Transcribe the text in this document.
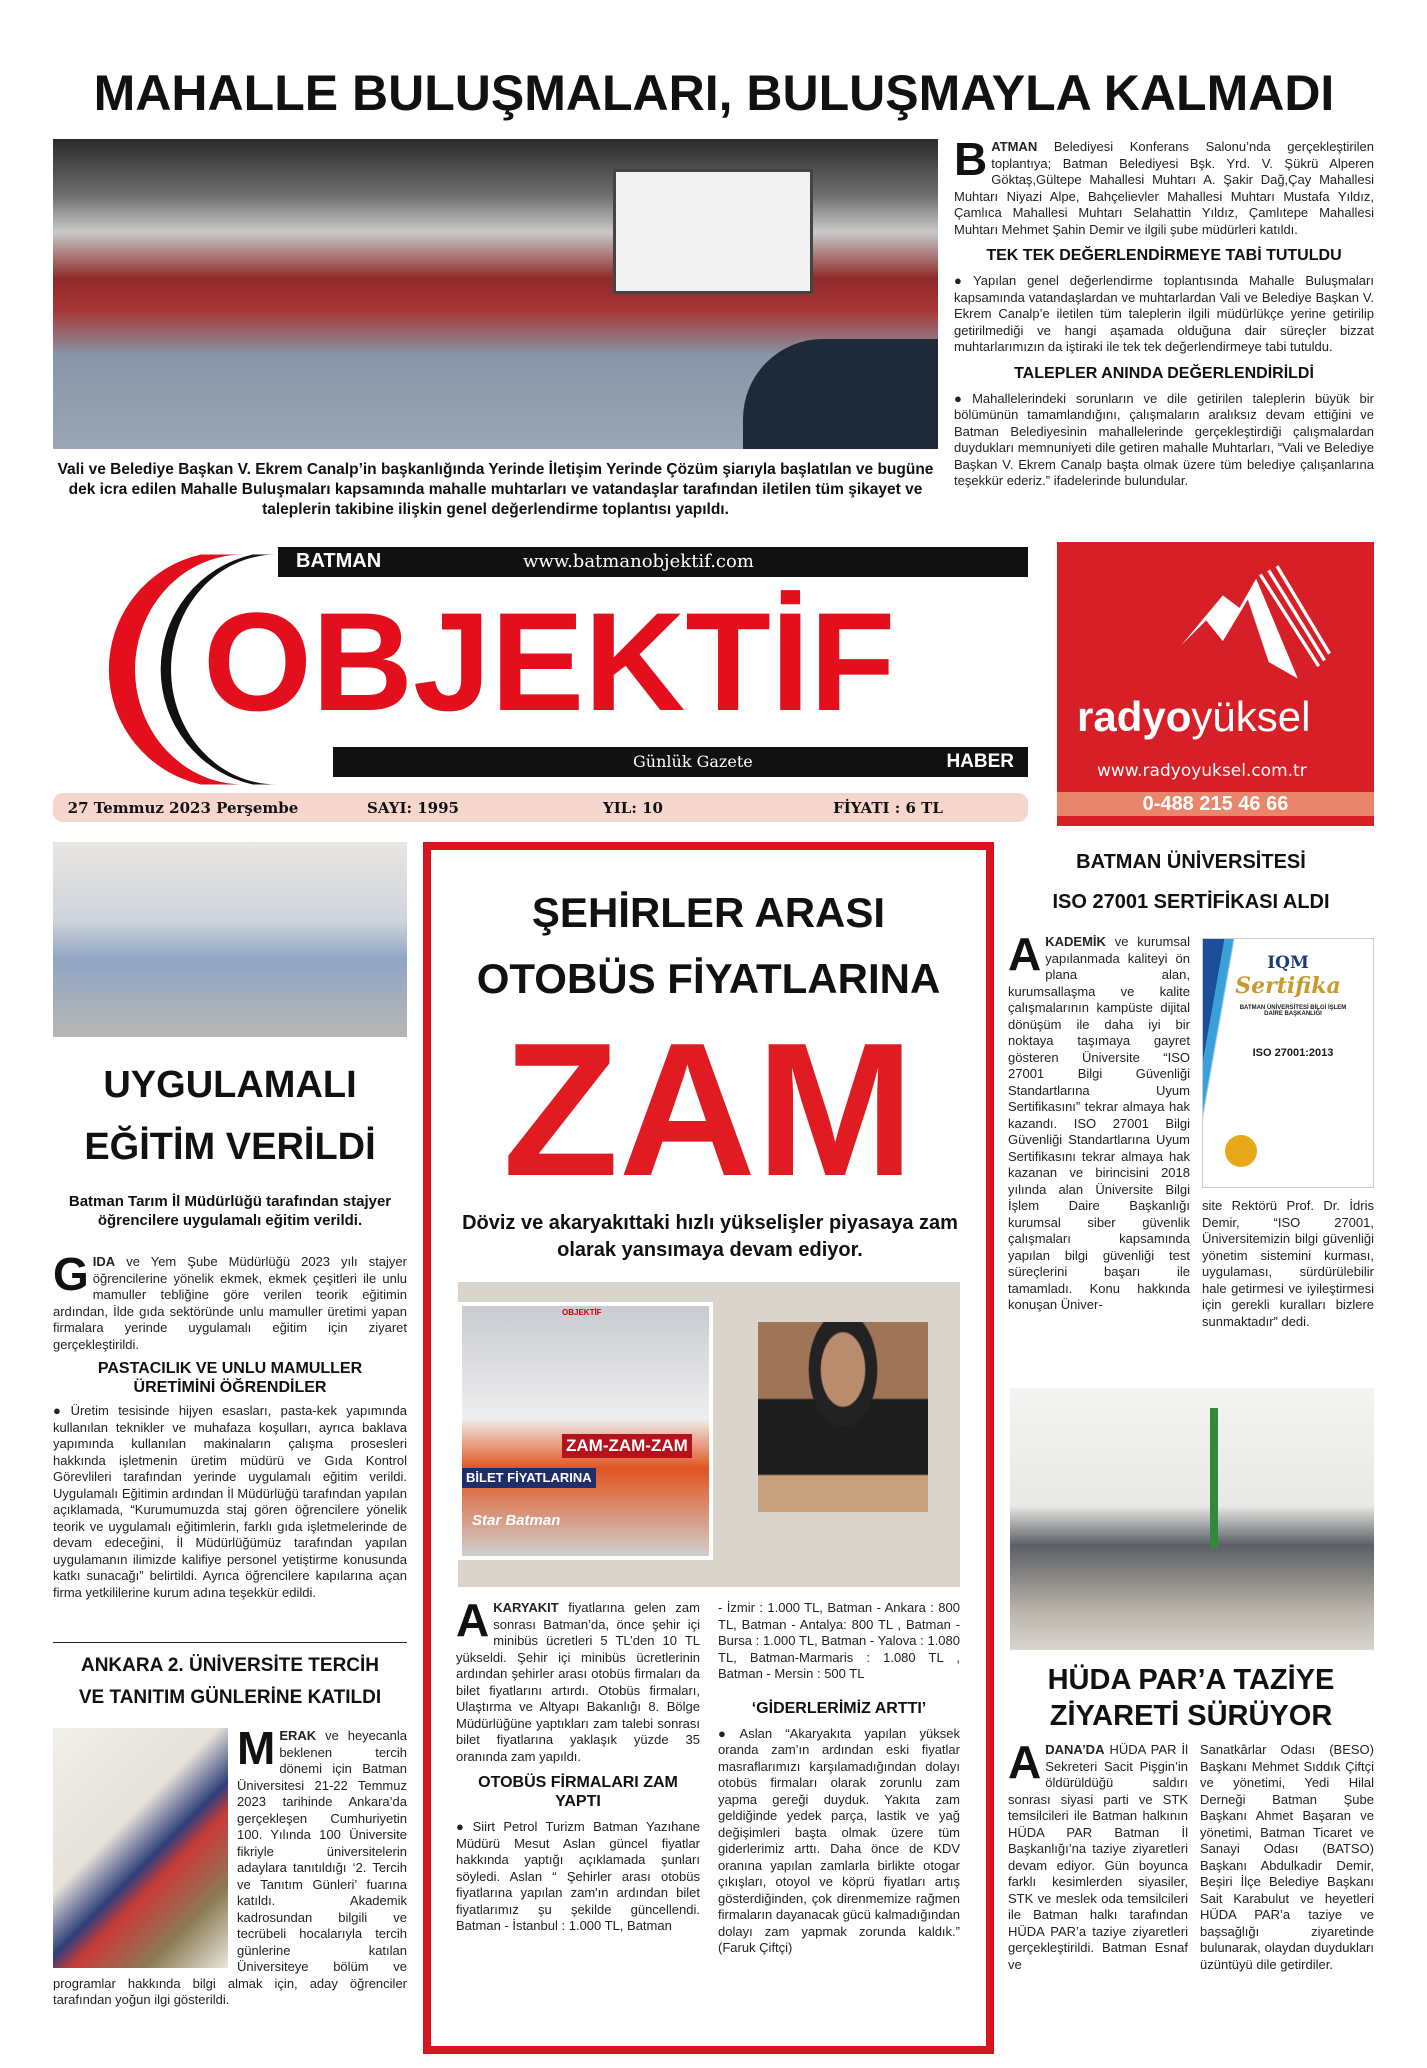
MAHALLE BULUŞMALARI, BULUŞMAYLA KALMADI

BATMAN Belediyesi Konferans Salonu’nda gerçekleştirilen toplantıya; Batman Belediyesi Bşk. Yrd. V. Şükrü Alperen Göktaş,Gültepe Mahallesi Muhtarı A. Şakir Dağ,Çay Mahallesi Muhtarı Niyazi Alpe, Bahçelievler Mahallesi Muhtarı Mustafa Yıldız, Çamlıca Mahallesi Muhtarı Selahattin Yıldız, Çamlıtepe Mahallesi Muhtarı Mehmet Şahin Demir ve ilgili şube müdürleri katıldı.

TEK TEK DEĞERLENDİRMEYE TABİ TUTULDU

● Yapılan genel değerlendirme toplantısında Mahalle Buluşmaları kapsamında vatandaşlardan ve muhtarlardan Vali ve Belediye Başkan V. Ekrem Canalp’e iletilen tüm taleplerin ilgili müdürlükçe yerine getirilip getirilmediği ve hangi aşamada olduğuna dair süreçler bizzat muhtarlarımızın da iştiraki ile tek tek değerlendirmeye tabi tutuldu.

TALEPLER ANINDA DEĞERLENDİRİLDİ

● Mahallelerindeki sorunların ve dile getirilen taleplerin büyük bir bölümünün tamamlandığını, çalışmaların aralıksız devam ettiğini ve Batman Belediyesinin mahallelerinde gerçekleştirdiği çalışmalardan duydukları memnuniyeti dile getiren mahalle Muhtarları, “Vali ve Belediye Başkan V. Ekrem Canalp başta olmak üzere tüm belediye çalışanlarına teşekkür ederiz.” ifadelerinde bulundular.

Vali ve Belediye Başkan V. Ekrem Canalp’in başkanlığında Yerinde İletişim Yerinde Çözüm şiarıyla başlatılan ve bugüne dek icra edilen Mahalle Buluşmaları kapsamında mahalle muhtarları ve vatandaşlar tarafından iletilen tüm şikayet ve taleplerin takibine ilişkin genel değerlendirme toplantısı yapıldı.
BATMAN	www.batmanobjektif.com
OBJEKTİF
Günlük Gazete	HABER
27 Temmuz 2023 Perşembe	SAYI: 1995	YIL: 10	FİYATI : 6 TL
radyoyüksel
www.radyoyuksel.com.tr
0-488 215 46 66
UYGULAMALI
EĞİTİM VERİLDİ
Batman Tarım İl Müdürlüğü tarafından stajyer öğrencilere uygulamalı eğitim verildi.

GIDA ve Yem Şube Müdürlüğü 2023 yılı stajyer öğrencilerine yönelik ekmek, ekmek çeşitleri ile unlu mamuller tebliğine göre verilen teorik eğitimin ardından, İlde gıda sektöründe unlu mamuller üretimi yapan firmalara yerinde uygulamalı eğitim için ziyaret gerçekleştirildi.

PASTACILIK VE UNLU MAMULLER ÜRETİMİNİ ÖĞRENDİLER

● Üretim tesisinde hijyen esasları, pasta-kek yapımında kullanılan teknikler ve muhafaza koşulları, ayrıca baklava yapımında kullanılan makinaların çalışma prosesleri hakkında işletmenin üretim müdürü ve Gıda Kontrol Görevlileri tarafından yerinde uygulamalı eğitim verildi. Uygulamalı Eğitimin ardından İl Müdürlüğü tarafından yapılan açıklamada, “Kurumumuzda staj gören öğrencilere yönelik teorik ve uygulamalı eğitimlerin, farklı gıda işletmelerinde de devam edeceğini, İl Müdürlüğümüz tarafından yapılan uygulamanın ilimizde kalifiye personel yetiştirme konusunda katkı sunacağı” belirtildi. Ayrıca öğrencilere kapılarına açan firma yetkililerine kurum adına teşekkür edildi.

ANKARA 2. ÜNİVERSİTE TERCİH
VE TANITIM GÜNLERİNE KATILDI

MERAK ve heyecanla beklenen tercih dönemi için Batman Üniversitesi 21-22 Temmuz 2023 tarihinde Ankara’da gerçekleşen Cumhuriyetin 100. Yılında 100 Üniversite fikriyle üniversitelerin adaylara tanıtıldığı ‘2. Tercih ve Tanıtım Günleri’ fuarına katıldı. Akademik kadrosundan bilgili ve tecrübeli hocalarıyla tercih günlerine katılan Üniversiteye bölüm ve programlar hakkında bilgi almak için, aday öğrenciler tarafından yoğun ilgi gösterildi.

ŞEHİRLER ARASI
OTOBÜS FİYATLARINA
ZAM
Döviz ve akaryakıttaki hızlı yükselişler piyasaya zam olarak yansımaya devam ediyor.
OBJEKTİF
ZAM-ZAM-ZAM
BİLET FİYATLARINA
Star Batman

AKARYAKIT fiyatlarına gelen zam sonrası Batman’da, önce şehir içi minibüs ücretleri 5 TL’den 10 TL yükseldi. Şehir içi minibüs ücretlerinin ardından şehirler arası otobüs firmaları da bilet fiyatlarını artırdı. Otobüs firmaları, Ulaştırma ve Altyapı Bakanlığı 8. Bölge Müdürlüğüne yaptıkları zam talebi sonrası bilet fiyatlarına yaklaşık yüzde 35 oranında zam yapıldı.

OTOBÜS FİRMALARI ZAM YAPTI

● Siirt Petrol Turizm Batman Yazıhane Müdürü Mesut Aslan güncel fiyatlar hakkında yaptığı açıklamada şunları söyledi. Aslan “ Şehirler arası otobüs fiyatlarına yapılan zam'ın ardından bilet fiyatlarımız şu şekilde güncellendi. Batman - İstanbul : 1.000 TL, Batman

- İzmir : 1.000 TL, Batman - Ankara : 800 TL, Batman - Antalya: 800 TL , Batman - Bursa : 1.000 TL, Batman - Yalova : 1.080 TL, Batman-Marmaris : 1.080 TL , Batman - Mersin : 500 TL

‘GİDERLERİMİZ ARTTI’

● Aslan “Akaryakıta yapılan yüksek oranda zam’ın ardından eski fiyatlar masraflarımızı karşılamadığından dolayı otobüs firmaları olarak zorunlu zam yapma gereği duyduk. Yakıta zam geldiğinde yedek parça, lastik ve yağ değişimleri başta olmak üzere tüm giderlerimiz arttı. Daha önce de KDV oranına yapılan zamlarla birlikte otogar çıkışları, otoyol ve köprü fiyatları artış gösterdiğinden, çok direnmemize rağmen firmaların dayanacak gücü kalmadığından dolayı zam yapmak zorunda kaldık.” (Faruk Çiftçi)

BATMAN ÜNİVERSİTESİ
ISO 27001 SERTİFİKASI ALDI

AKADEMİK ve kurumsal yapılanmada kaliteyi ön plana alan, kurumsallaşma ve kalite çalışmalarının kampüste dijital dönüşüm ile daha iyi bir noktaya taşımaya gayret gösteren Üniversite “ISO 27001 Bilgi Güvenliği Standartlarına Uyum Sertifikasını” tekrar almaya hak kazandı. ISO 27001 Bilgi Güvenliği Standartlarına Uyum Sertifikasını tekrar almaya hak kazanan ve birincisini 2018 yılında alan Üniversite Bilgi İşlem Daire Başkanlığı kurumsal siber güvenlik çalışmaları kapsamında yapılan bilgi güvenliği test süreçlerini başarı ile tamamladı. Konu hakkında konuşan Üniver-

IQM
Sertifika
BATMAN ÜNİVERSİTESİ BİLGİ İŞLEM DAİRE BAŞKANLIĞI
ISO 27001:2013
site Rektörü Prof. Dr. İdris Demir, “ISO 27001, Üniversitemizin bilgi güvenliği yönetim sistemini kurması, uygulaması, sürdürülebilir hale getirmesi ve iyileştirmesi için gerekli kuralları bizlere sunmaktadır” dedi.
HÜDA PAR’A TAZİYE
ZİYARETİ SÜRÜYOR

ADANA’DA HÜDA PAR İl Sekreteri Sacit Pişgin’in öldürüldüğü saldırı sonrası siyasi parti ve STK temsilcileri ile Batman halkının HÜDA PAR Batman İl Başkanlığı’na taziye ziyaretleri devam ediyor. Gün boyunca farklı kesimlerden siyasiler, STK ve meslek oda temsilcileri ile Batman halkı tarafından HÜDA PAR’a taziye ziyaretleri gerçekleştirildi. Batman Esnaf ve

Sanatkârlar Odası (BESO) Başkanı Mehmet Sıddık Çiftçi ve yönetimi, Yedi Hilal Derneği Batman Şube Başkanı Ahmet Başaran ve yönetimi, Batman Ticaret ve Sanayi Odası (BATSO) Başkanı Abdulkadir Demir, Beşiri İlçe Belediye Başkanı Sait Karabulut ve heyetleri HÜDA PAR’a taziye ve başsağlığı ziyaretinde bulunarak, olaydan duydukları üzüntüyü dile getirdiler.
